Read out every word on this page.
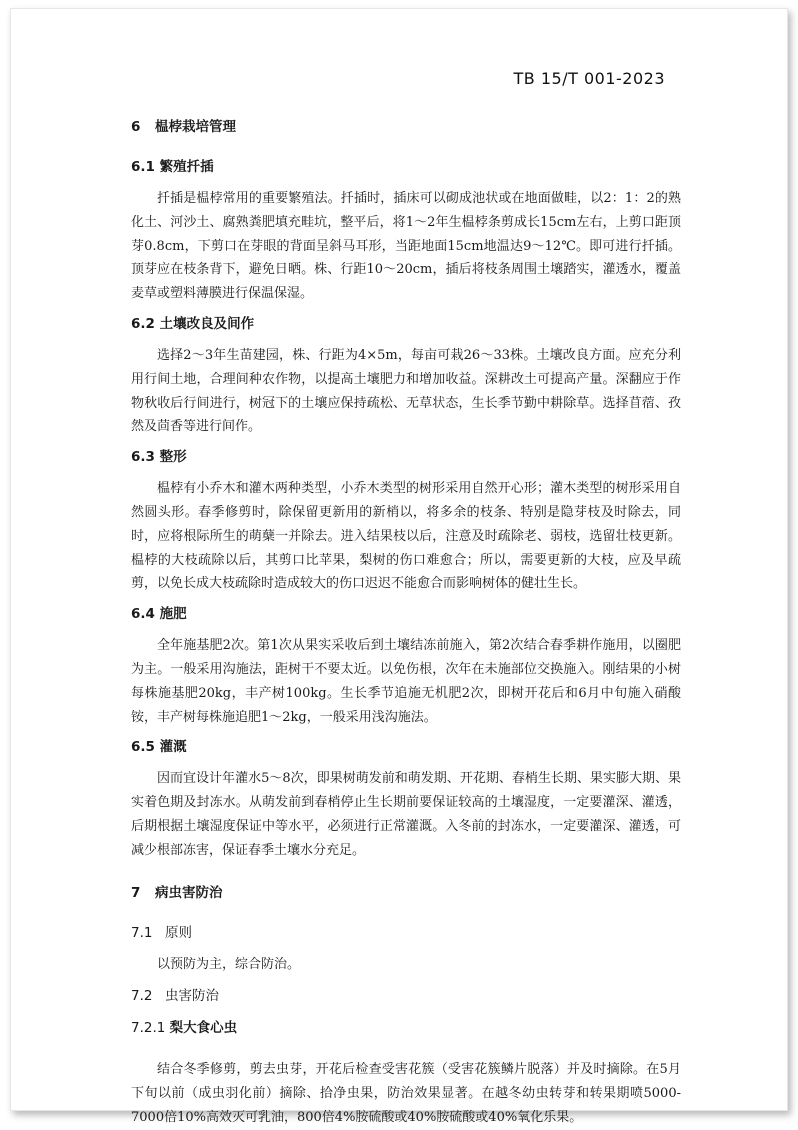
TB 15/T 001-2023
6 榅桲栽培管理
6.1 繁殖扦插

扦插是榅桲常用的重要繁殖法。扦插时，插床可以砌成池状或在地面做畦，以2：1：2的熟化土、河沙土、腐熟粪肥填充畦坑，整平后，将1～2年生榅桲条剪成长15cm左右，上剪口距顶芽0.8cm，下剪口在芽眼的背面呈斜马耳形，当距地面15cm地温达9～12℃。即可进行扦插。顶芽应在枝条背下，避免日晒。株、行距10～20cm，插后将枝条周围土壤踏实，灌透水，覆盖麦草或塑料薄膜进行保温保湿。

6.2 土壤改良及间作

选择2～3年生苗建园，株、行距为4×5m，每亩可栽26～33株。土壤改良方面。应充分利用行间土地，合理间种农作物，以提高土壤肥力和增加收益。深耕改土可提高产量。深翻应于作物秋收后行间进行，树冠下的土壤应保持疏松、无草状态，生长季节勤中耕除草。选择苜蓿、孜然及茴香等进行间作。

6.3 整形

榅桲有小乔木和灌木两种类型，小乔木类型的树形采用自然开心形；灌木类型的树形采用自然圆头形。春季修剪时，除保留更新用的新梢以，将多余的枝条、特别是隐芽枝及时除去，同时，应将根际所生的萌蘖一并除去。进入结果枝以后，注意及时疏除老、弱枝，选留壮枝更新。榅桲的大枝疏除以后，其剪口比苹果，梨树的伤口难愈合；所以，需要更新的大枝，应及早疏剪，以免长成大枝疏除时造成较大的伤口迟迟不能愈合而影响树体的健壮生长。

6.4 施肥

全年施基肥2次。第1次从果实采收后到土壤结冻前施入，第2次结合春季耕作施用，以圈肥为主。一般采用沟施法，距树干不要太近。以免伤根，次年在未施部位交换施入。刚结果的小树每株施基肥20kg，丰产树100kg。生长季节追施无机肥2次，即树开花后和6月中旬施入硝酸铵，丰产树每株施追肥1～2kg，一般采用浅沟施法。

6.5 灌溉

因而宜设计年灌水5～8次，即果树萌发前和萌发期、开花期、春梢生长期、果实膨大期、果实着色期及封冻水。从萌发前到春梢停止生长期前要保证较高的土壤湿度，一定要灌深、灌透，后期根据土壤湿度保证中等水平，必须进行正常灌溉。入冬前的封冻水，一定要灌深、灌透，可减少根部冻害，保证春季土壤水分充足。

7 病虫害防治
7.1 原则

以预防为主，综合防治。

7.2 虫害防治
7.2.1 梨大食心虫

结合冬季修剪，剪去虫芽，开花后检查受害花簇（受害花簇鳞片脱落）并及时摘除。在5月下旬以前（成虫羽化前）摘除、拾净虫果，防治效果显著。在越冬幼虫转芽和转果期喷5000-7000倍10%高效灭可乳油，800倍4%胺硫酸或40%胺硫酸或40%氧化乐果。
